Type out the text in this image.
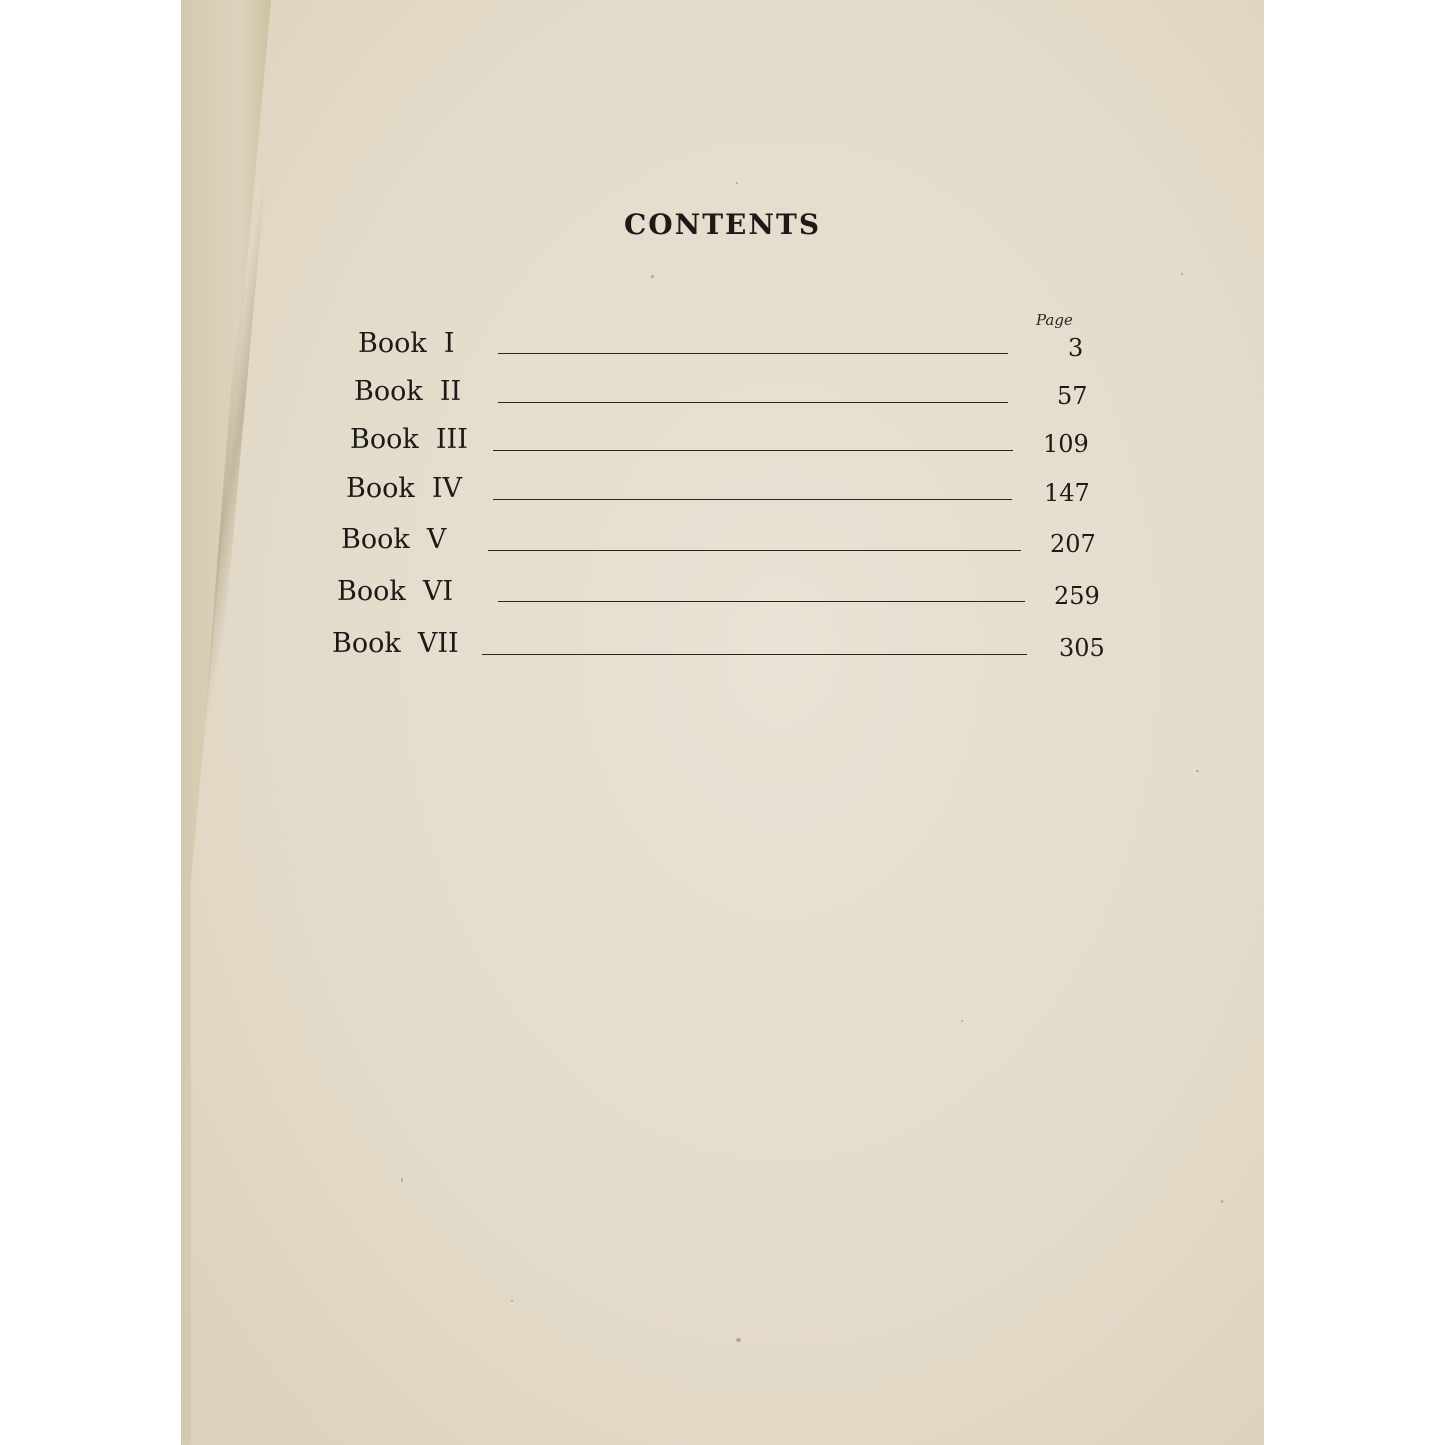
CONTENTS
Page
Book  I	3
Book  II	57
Book  III	109
Book  IV	147
Book  V	207
Book  VI	259
Book  VII	305
